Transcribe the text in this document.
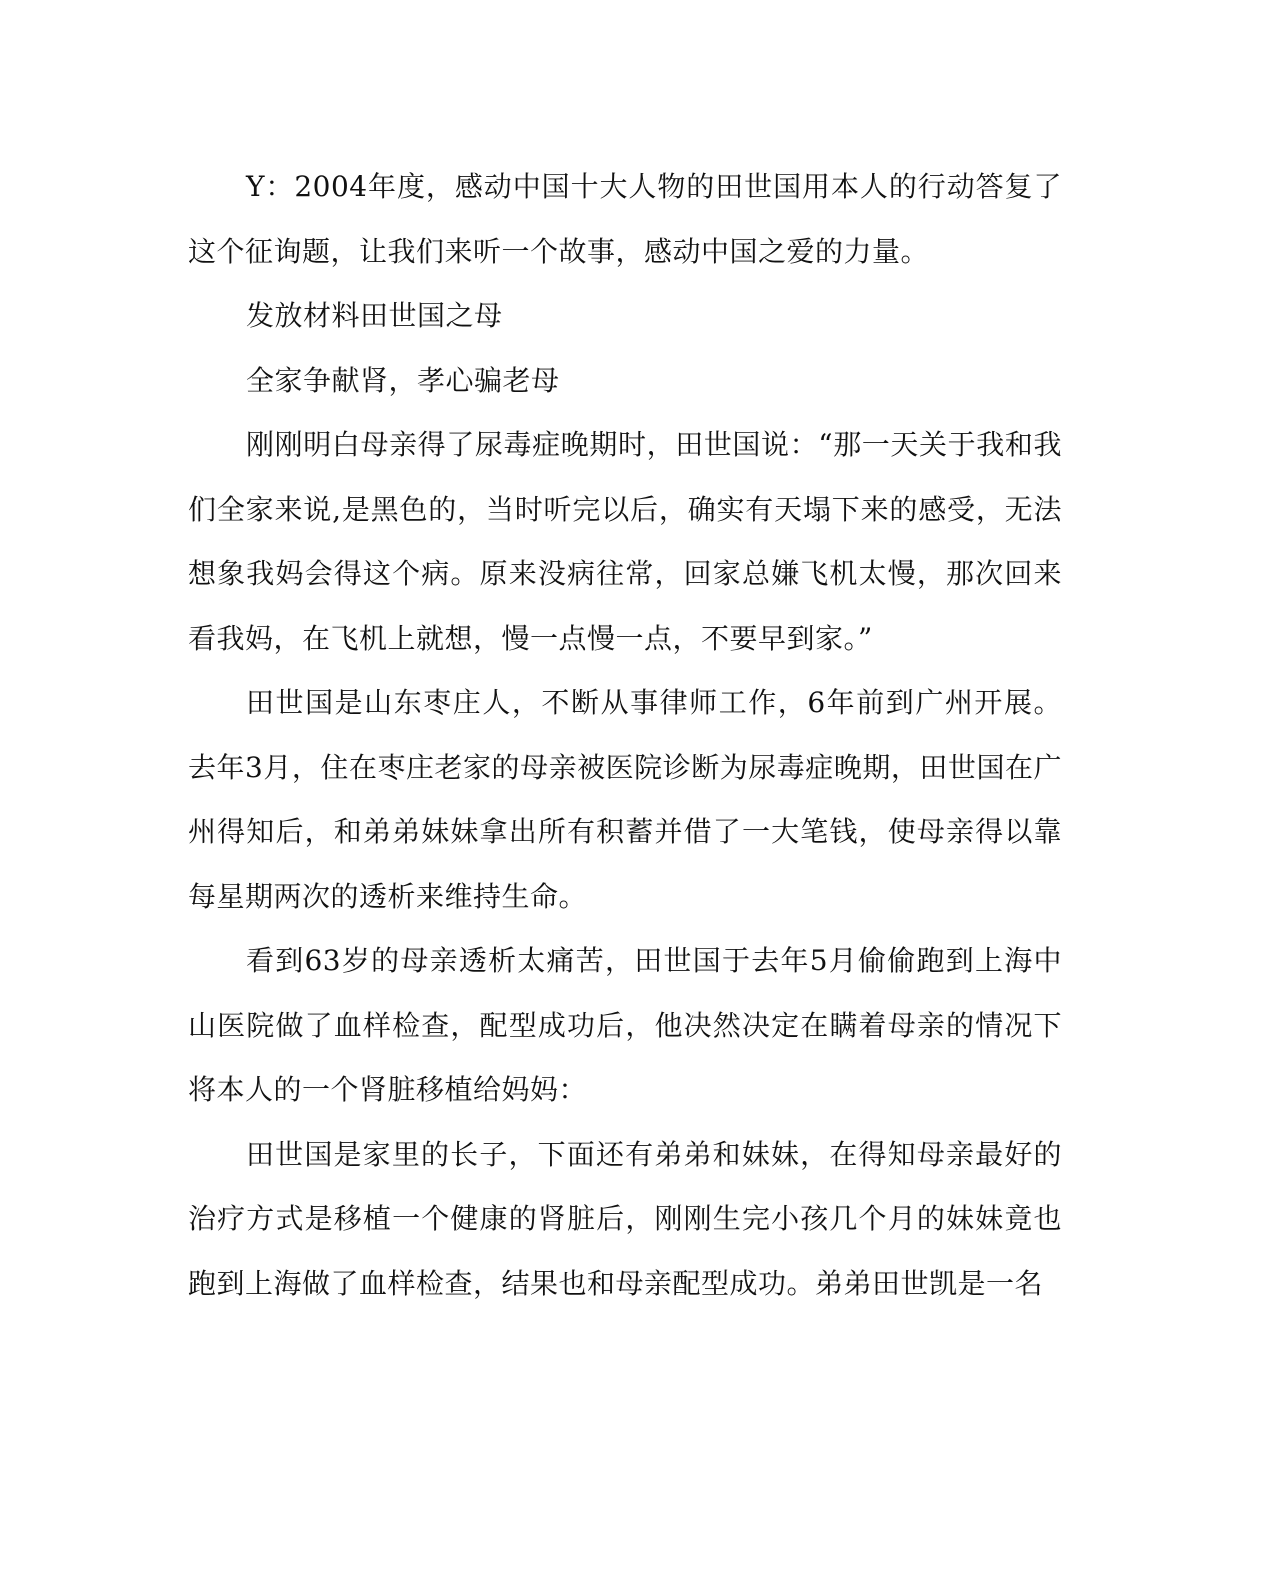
Y：2004年度，感动中国十大人物的田世国用本人的行动答复了这个征询题，让我们来听一个故事，感动中国之爱的力量。

发放材料田世国之母

全家争献肾，孝心骗老母

刚刚明白母亲得了尿毒症晚期时，田世国说：“那一天关于我和我们全家来说,是黑色的，当时听完以后，确实有天塌下来的感受，无法想象我妈会得这个病。原来没病往常，回家总嫌飞机太慢，那次回来看我妈，在飞机上就想，慢一点慢一点，不要早到家。”

田世国是山东枣庄人，不断从事律师工作，6年前到广州开展。去年3月，住在枣庄老家的母亲被医院诊断为尿毒症晚期，田世国在广州得知后，和弟弟妹妹拿出所有积蓄并借了一大笔钱，使母亲得以靠每星期两次的透析来维持生命。

看到63岁的母亲透析太痛苦，田世国于去年5月偷偷跑到上海中山医院做了血样检查，配型成功后，他决然决定在瞒着母亲的情况下将本人的一个肾脏移植给妈妈：

田世国是家里的长子，下面还有弟弟和妹妹，在得知母亲最好的治疗方式是移植一个健康的肾脏后，刚刚生完小孩几个月的妹妹竟也跑到上海做了血样检查，结果也和母亲配型成功。弟弟田世凯是一名
